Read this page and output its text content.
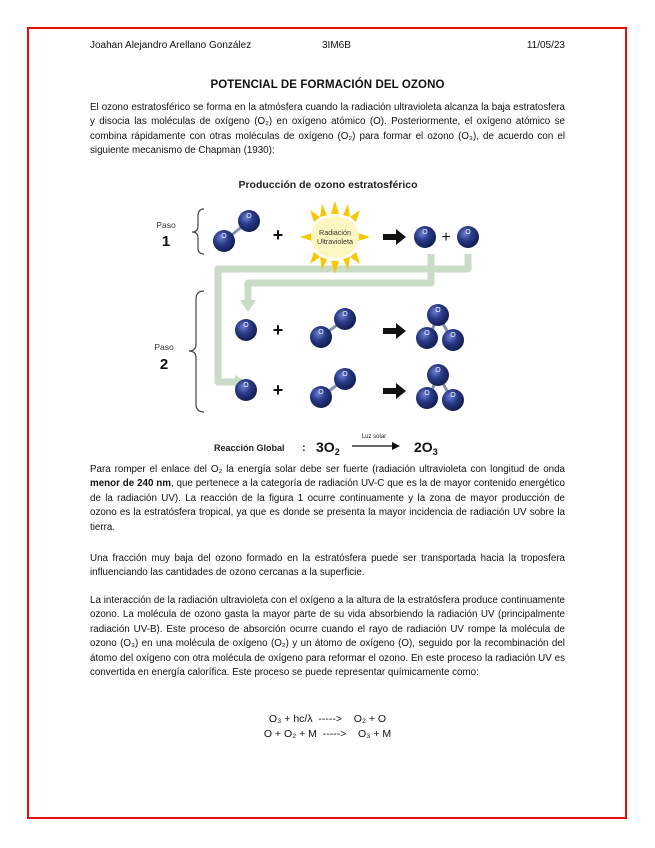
Joahan Alejandro Arellano González	3IM6B	11/05/23
POTENCIAL DE FORMACIÓN DEL OZONO

El ozono estratosférico se forma en la atmósfera cuando la radiación ultravioleta alcanza la baja estratosfera y disocia las moléculas de oxígeno (O₂) en oxígeno atómico (O). Posteriormente, el oxígeno atómico se combina rápidamente con otras moléculas de oxígeno (O₂) para formar el ozono (O₃), de acuerdo con el siguiente mecanismo de Chapman (1930):

Producción de ozono estratosférico
Paso
1
Paso
2
O
O
+	Radiación
Ultravioleta
O + O
O +	O
O
O
O	O
O +	O
O
O
O	O
Reacción Global : $3O_2$
Luz solar
$2O_3$

Para romper el enlace del O₂ la energía solar debe ser fuerte (radiación ultravioleta con longitud de onda menor de 240 nm, que pertenece a la categoría de radiación UV-C que es la de mayor contenido energético de la radiación UV). La reacción de la figura 1 ocurre continuamente y la zona de mayor producción de ozono es la estratósfera tropical, ya que es donde se presenta la mayor incidencia de radiación UV sobre la tierra.

Una fracción muy baja del ozono formado en la estratósfera puede ser transportada hacia la troposfera influenciando las cantidades de ozono cercanas a la superficie.

La interacción de la radiación ultravioleta con el oxígeno a la altura de la estratósfera produce continuamente ozono. La molécula de ozono gasta la mayor parte de su vida absorbiendo la radiación UV (principalmente radiación UV-B). Este proceso de absorción ocurre cuando el rayo de radiación UV rompe la molécula de ozono (O₃) en una molécula de oxígeno (O₂) y un átomo de oxígeno (O), seguido por la recombinación del átomo del oxígeno con otra molécula de oxígeno para reformar el ozono. En este proceso la radiación UV es convertida en energía calorífica. Este proceso se puede representar químicamente como:

O₃ + hc/λ  ----->    O₂ + O
O + O₂ + M  ----->    O₃ + M
